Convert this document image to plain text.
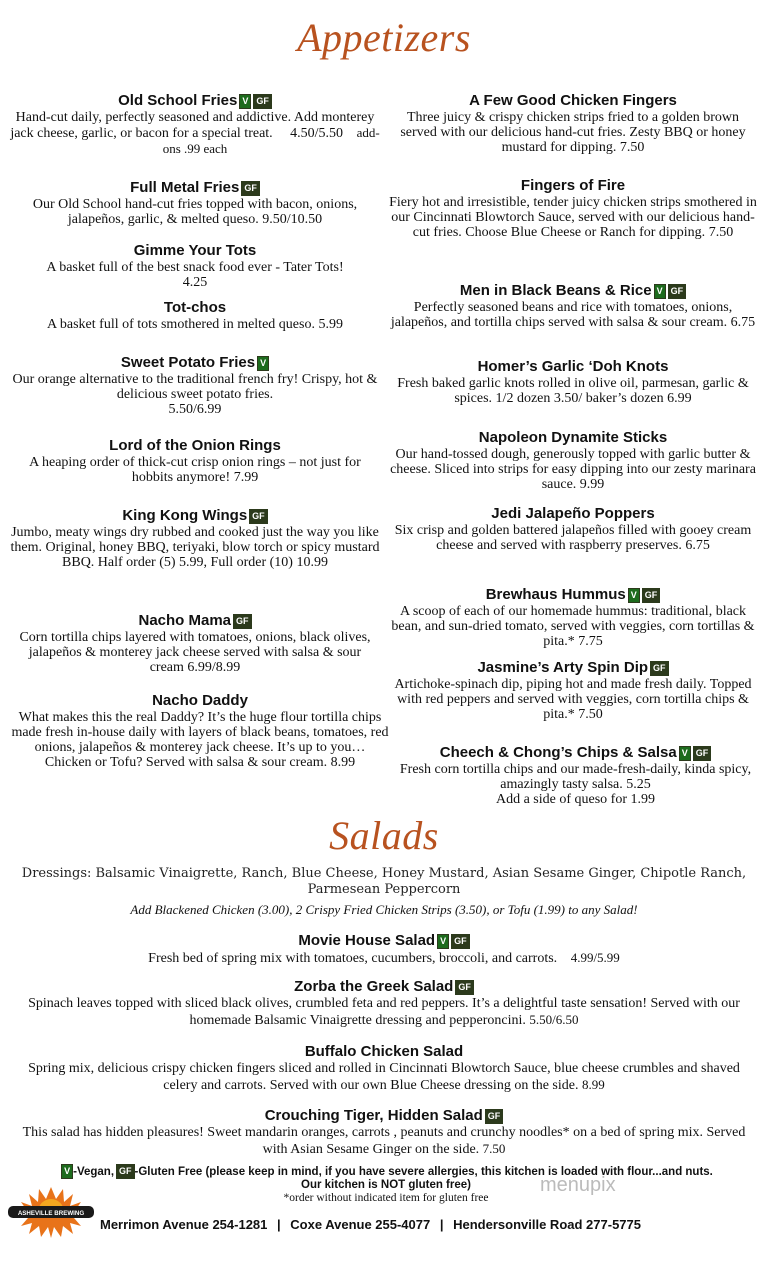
Appetizers
Old School Fries V GF
Hand-cut daily, perfectly seasoned and addictive. Add monterey jack cheese, garlic, or bacon for a special treat. 4.50/5.50 add-ons .99 each
Full Metal Fries GF
Our Old School hand-cut fries topped with bacon, onions, jalapeños, garlic, & melted queso. 9.50/10.50
Gimme Your Tots
A basket full of the best snack food ever - Tater Tots!
4.25
Tot-chos
A basket full of tots smothered in melted queso. 5.99
Sweet Potato Fries V
Our orange alternative to the traditional french fry! Crispy, hot & delicious sweet potato fries.
5.50/6.99
Lord of the Onion Rings
A heaping order of thick-cut crisp onion rings – not just for hobbits anymore! 7.99
King Kong Wings GF
Jumbo, meaty wings dry rubbed and cooked just the way you like them. Original, honey BBQ, teriyaki, blow torch or spicy mustard BBQ. Half order (5) 5.99, Full order (10) 10.99
Nacho Mama GF
Corn tortilla chips layered with tomatoes, onions, black olives, jalapeños & monterey jack cheese served with salsa & sour cream 6.99/8.99
Nacho Daddy
What makes this the real Daddy? It’s the huge flour tortilla chips made fresh in-house daily with layers of black beans, tomatoes, red onions, jalapeños & monterey jack cheese. It’s up to you… Chicken or Tofu? Served with salsa & sour cream. 8.99
A Few Good Chicken Fingers
Three juicy & crispy chicken strips fried to a golden brown served with our delicious hand-cut fries. Zesty BBQ or honey mustard for dipping. 7.50
Fingers of Fire
Fiery hot and irresistible, tender juicy chicken strips smothered in our Cincinnati Blowtorch Sauce, served with our delicious hand-cut fries. Choose Blue Cheese or Ranch for dipping. 7.50
Men in Black Beans & Rice V GF
Perfectly seasoned beans and rice with tomatoes, onions, jalapeños, and tortilla chips served with salsa & sour cream. 6.75
Homer’s Garlic ‘Doh Knots
Fresh baked garlic knots rolled in olive oil, parmesan, garlic & spices. 1/2 dozen 3.50/ baker’s dozen 6.99
Napoleon Dynamite Sticks
Our hand-tossed dough, generously topped with garlic butter & cheese. Sliced into strips for easy dipping into our zesty marinara sauce. 9.99
Jedi Jalapeño Poppers
Six crisp and golden battered jalapeños filled with gooey cream cheese and served with raspberry preserves. 6.75
Brewhaus Hummus V GF
A scoop of each of our homemade hummus: traditional, black bean, and sun-dried tomato, served with veggies, corn tortillas & pita.* 7.75
Jasmine’s Arty Spin Dip GF
Artichoke-spinach dip, piping hot and made fresh daily. Topped with red peppers and served with veggies, corn tortilla chips & pita.* 7.50
Cheech & Chong’s Chips & Salsa V GF
Fresh corn tortilla chips and our made-fresh-daily, kinda spicy, amazingly tasty salsa. 5.25
Add a side of queso for 1.99
Salads
Dressings: Balsamic Vinaigrette, Ranch, Blue Cheese, Honey Mustard, Asian Sesame Ginger, Chipotle Ranch, Parmesean Peppercorn
Add Blackened Chicken (3.00), 2 Crispy Fried Chicken Strips (3.50), or Tofu (1.99) to any Salad!
Movie House Salad V GF
Fresh bed of spring mix with tomatoes, cucumbers, broccoli, and carrots. 4.99/5.99
Zorba the Greek Salad GF
Spinach leaves topped with sliced black olives, crumbled feta and red peppers. It’s a delightful taste sensation! Served with our homemade Balsamic Vinaigrette dressing and pepperoncini. 5.50/6.50
Buffalo Chicken Salad
Spring mix, delicious crispy chicken fingers sliced and rolled in Cincinnati Blowtorch Sauce, blue cheese crumbles and shaved celery and carrots. Served with our own Blue Cheese dressing on the side. 8.99
Crouching Tiger, Hidden Salad GF
This salad has hidden pleasures! Sweet mandarin oranges, carrots , peanuts and crunchy noodles* on a bed of spring mix. Served with Asian Sesame Ginger on the side. 7.50
V -Vegan, GF -Gluten Free (please keep in mind, if you have severe allergies, this kitchen is loaded with flour...and nuts.
Our kitchen is NOT gluten free)
*order without indicated item for gluten free
menupix
ASHEVILLE BREWING
Merrimon Avenue 254-1281 | Coxe Avenue 255-4077 | Hendersonville Road 277-5775
